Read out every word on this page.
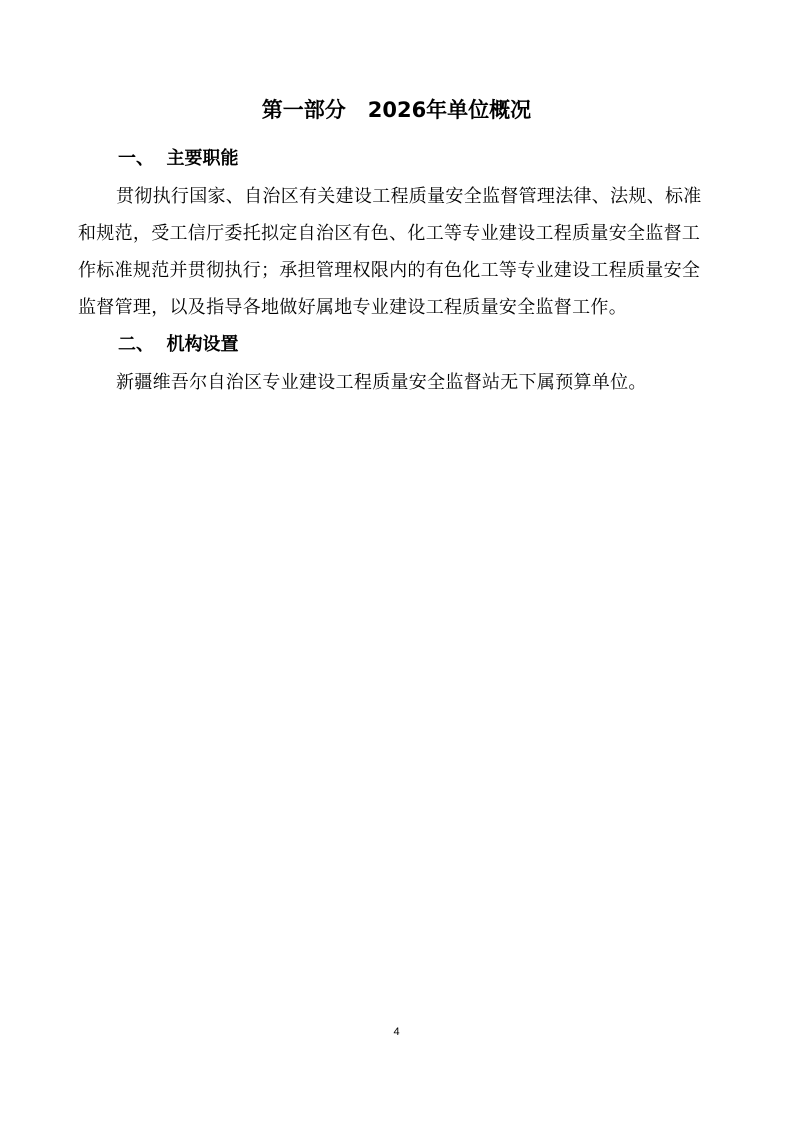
第一部分   2026年单位概况
一、  主要职能
贯彻执行国家、自治区有关建设工程质量安全监督管理法律、法规、标准
和规范，受工信厅委托拟定自治区有色、化工等专业建设工程质量安全监督工
作标准规范并贯彻执行；承担管理权限内的有色化工等专业建设工程质量安全
监督管理，以及指导各地做好属地专业建设工程质量安全监督工作。
二、  机构设置
新疆维吾尔自治区专业建设工程质量安全监督站无下属预算单位。
4
